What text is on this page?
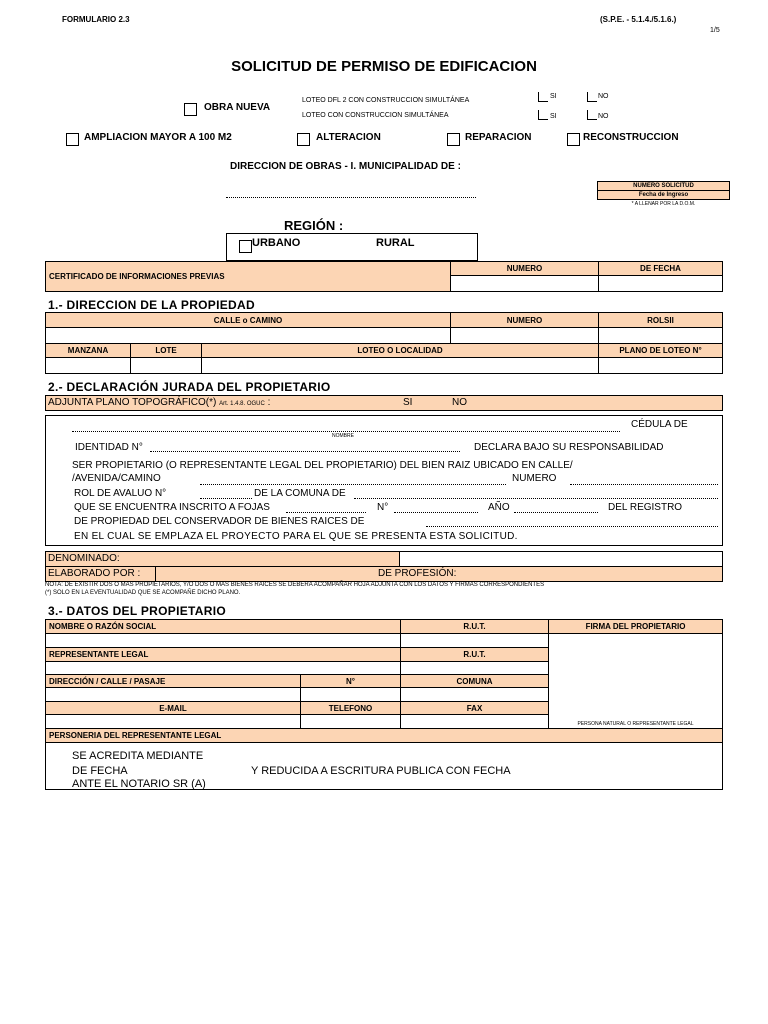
FORMULARIO 2.3	(S.P.E. - 5.1.4./5.1.6.)
1/5
SOLICITUD DE PERMISO DE EDIFICACION
OBRA NUEVA
LOTEO DFL 2 CON CONSTRUCCION SIMULTÁNEA
LOTEO CON CONSTRUCCION SIMULTÁNEA
SI	NO
SI	NO
AMPLIACION MAYOR A 100 M2	ALTERACION	REPARACION	RECONSTRUCCION
DIRECCION DE OBRAS - I. MUNICIPALIDAD DE :
NUMERO SOLICITUD
Fecha de Ingreso
* A LLENAR POR LA D.O.M.
REGIÓN :
URBANO	RURAL
CERTIFICADO DE INFORMACIONES PREVIAS
NUMERO	DE FECHA
1.- DIRECCION DE LA PROPIEDAD
CALLE o CAMINO	NUMERO	ROLSII
MANZANA	LOTE	LOTEO O LOCALIDAD	PLANO DE LOTEO N°
2.- DECLARACIÓN JURADA DEL PROPIETARIO
ADJUNTA PLANO TOPOGRÁFICO(*) Art. 1.4.8. OGUC :	SI	NO
CÉDULA DE
NOMBRE
IDENTIDAD N°	DECLARA BAJO SU RESPONSABILIDAD
SER PROPIETARIO (O REPRESENTANTE LEGAL DEL PROPIETARIO) DEL BIEN RAIZ UBICADO EN CALLE/
/AVENIDA/CAMINO	NUMERO
ROL DE AVALUO N°	DE LA COMUNA DE
QUE SE ENCUENTRA INSCRITO A FOJAS	N°	AÑO	DEL REGISTRO
DE PROPIEDAD DEL CONSERVADOR DE BIENES RAICES DE
EN EL CUAL SE EMPLAZA EL PROYECTO PARA EL QUE SE PRESENTA ESTA SOLICITUD.
DENOMINADO:
ELABORADO POR :	DE PROFESIÓN:
NOTA: DE EXISTIR DOS O MAS PROPIETARIOS, Y/O DOS O MAS BIENES RAICES SE DEBERA ACOMPAÑAR HOJA ADJUNTA CON LOS DATOS Y FIRMAS CORRESPONDIENTES
(*) SOLO EN LA EVENTUALIDAD QUE SE ACOMPAÑE DICHO PLANO.
3.- DATOS DEL PROPIETARIO
NOMBRE O RAZÓN SOCIAL	R.U.T.	FIRMA DEL PROPIETARIO
REPRESENTANTE LEGAL	R.U.T.
DIRECCIÓN / CALLE / PASAJE	N°	COMUNA
E-MAIL	TELEFONO	FAX
PERSONA NATURAL O REPRESENTANTE LEGAL
PERSONERIA DEL REPRESENTANTE LEGAL
SE ACREDITA MEDIANTE
DE FECHA	Y REDUCIDA A ESCRITURA PUBLICA CON FECHA
ANTE EL NOTARIO SR (A)
